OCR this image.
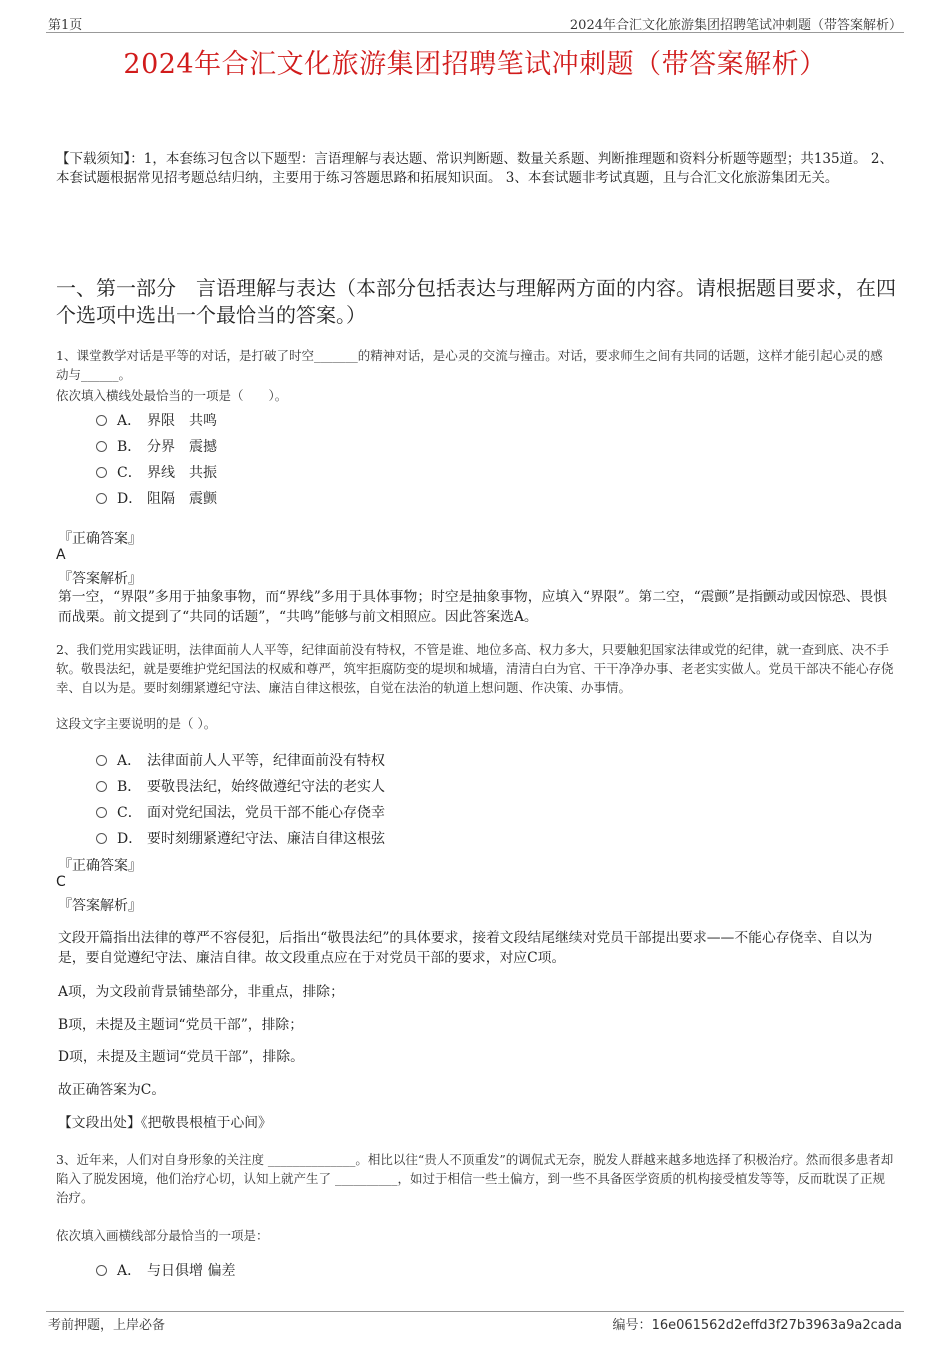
第1页	2024年合汇文化旅游集团招聘笔试冲刺题（带答案解析）
2024年合汇文化旅游集团招聘笔试冲刺题（带答案解析）
【下载须知】：1，本套练习包含以下题型：言语理解与表达题、常识判断题、数量关系题、判断推理题和资料分析题等题型；共135道。 2、本套试题根据常见招考题总结归纳，主要用于练习答题思路和拓展知识面。 3、本套试题非考试真题，且与合汇文化旅游集团无关。
一、第一部分　言语理解与表达（本部分包括表达与理解两方面的内容。请根据题目要求，在四个选项中选出一个最恰当的答案。）
1、课堂教学对话是平等的对话，是打破了时空_______的精神对话，是心灵的交流与撞击。对话，要求师生之间有共同的话题，这样才能引起心灵的感动与______。
依次填入横线处最恰当的一项是（　　）。
A． 界限　共鸣
B． 分界　震撼
C． 界线　共振
D． 阻隔　震颤
『正确答案』
A
『答案解析』
第一空，“界限”多用于抽象事物，而“界线”多用于具体事物；时空是抽象事物，应填入“界限”。第二空，“震颤”是指颤动或因惊恐、畏惧而战栗。前文提到了“共同的话题”，“共鸣”能够与前文相照应。因此答案选A。
2、我们党用实践证明，法律面前人人平等，纪律面前没有特权，不管是谁、地位多高、权力多大，只要触犯国家法律或党的纪律，就一查到底、决不手软。敬畏法纪，就是要维护党纪国法的权威和尊严，筑牢拒腐防变的堤坝和城墙，清清白白为官、干干净净办事、老老实实做人。党员干部决不能心存侥幸、自以为是。要时刻绷紧遵纪守法、廉洁自律这根弦，自觉在法治的轨道上想问题、作决策、办事情。
这段文字主要说明的是（ ）。
A． 法律面前人人平等，纪律面前没有特权
B． 要敬畏法纪，始终做遵纪守法的老实人
C． 面对党纪国法，党员干部不能心存侥幸
D． 要时刻绷紧遵纪守法、廉洁自律这根弦
『正确答案』
C
『答案解析』
文段开篇指出法律的尊严不容侵犯，后指出“敬畏法纪”的具体要求，接着文段结尾继续对党员干部提出要求——不能心存侥幸、自以为是，要自觉遵纪守法、廉洁自律。故文段重点应在于对党员干部的要求，对应C项。
A项，为文段前背景铺垫部分，非重点，排除；
B项，未提及主题词“党员干部”，排除；
D项，未提及主题词“党员干部”，排除。
故正确答案为C。
【文段出处】《把敬畏根植于心间》
3、近年来，人们对自身形象的关注度 ______________。相比以往“贵人不顶重发”的调侃式无奈，脱发人群越来越多地选择了积极治疗。然而很多患者却陷入了脱发困境，他们治疗心切，认知上就产生了 __________，如过于相信一些土偏方，到一些不具备医学资质的机构接受植发等等，反而耽误了正规治疗。
依次填入画横线部分最恰当的一项是：
A． 与日俱增 偏差
考前押题，上岸必备	编号：16e061562d2effd3f27b3963a9a2cada
